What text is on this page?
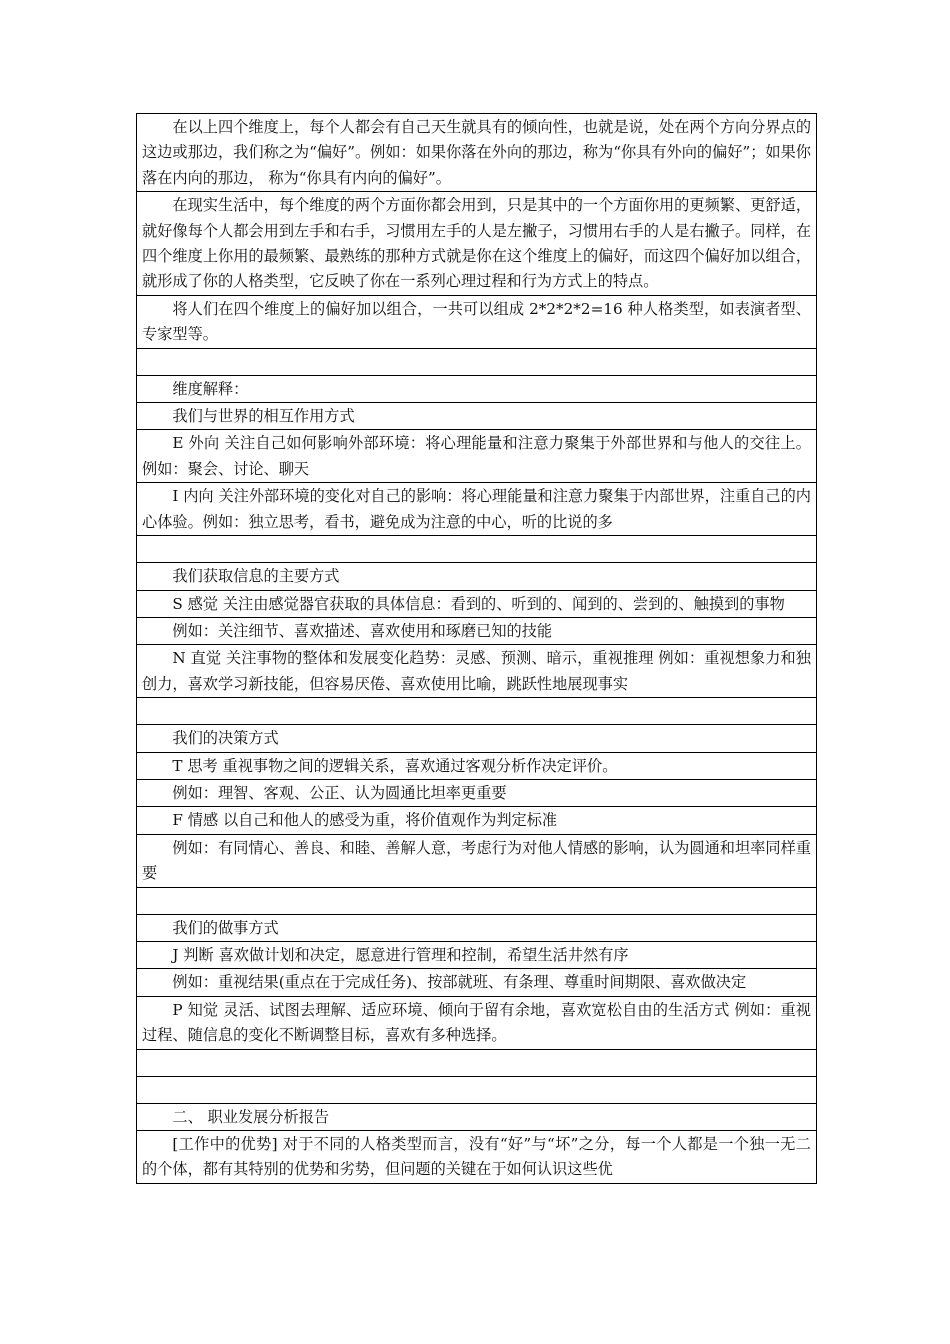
在以上四个维度上，每个人都会有自己天生就具有的倾向性，也就是说，处在两个方向分界点的这边或那边，我们称之为“偏好”。例如：如果你落在外向的那边，称为“你具有外向的偏好”；如果你落在内向的那边， 称为“你具有内向的偏好”。
在现实生活中，每个维度的两个方面你都会用到，只是其中的一个方面你用的更频繁、更舒适，就好像每个人都会用到左手和右手，习惯用左手的人是左撇子，习惯用右手的人是右撇子。同样，在四个维度上你用的最频繁、最熟练的那种方式就是你在这个维度上的偏好，而这四个偏好加以组合，就形成了你的人格类型，它反映了你在一系列心理过程和行为方式上的特点。
将人们在四个维度上的偏好加以组合，一共可以组成 2*2*2*2=16 种人格类型，如表演者型、专家型等。

维度解释：
我们与世界的相互作用方式
E 外向 关注自己如何影响外部环境：将心理能量和注意力聚集于外部世界和与他人的交往上。例如：聚会、讨论、聊天
I 内向 关注外部环境的变化对自己的影响：将心理能量和注意力聚集于内部世界，注重自己的内心体验。例如：独立思考，看书，避免成为注意的中心，听的比说的多

我们获取信息的主要方式
S 感觉 关注由感觉器官获取的具体信息：看到的、听到的、闻到的、尝到的、触摸到的事物
例如：关注细节、喜欢描述、喜欢使用和琢磨已知的技能
N 直觉 关注事物的整体和发展变化趋势：灵感、预测、暗示，重视推理 例如：重视想象力和独创力，喜欢学习新技能，但容易厌倦、喜欢使用比喻，跳跃性地展现事实

我们的决策方式
T 思考 重视事物之间的逻辑关系，喜欢通过客观分析作决定评价。
例如：理智、客观、公正、认为圆通比坦率更重要
F 情感 以自己和他人的感受为重，将价值观作为判定标准
例如：有同情心、善良、和睦、善解人意，考虑行为对他人情感的影响，认为圆通和坦率同样重要

我们的做事方式
J 判断 喜欢做计划和决定，愿意进行管理和控制，希望生活井然有序
例如：重视结果(重点在于完成任务)、按部就班、有条理、尊重时间期限、喜欢做决定
P 知觉 灵活、试图去理解、适应环境、倾向于留有余地，喜欢宽松自由的生活方式 例如：重视过程、随信息的变化不断调整目标，喜欢有多种选择。

二、 职业发展分析报告
[工作中的优势] 对于不同的人格类型而言，没有“好”与“坏”之分，每一个人都是一个独一无二的个体，都有其特别的优势和劣势，但问题的关键在于如何认识这些优
